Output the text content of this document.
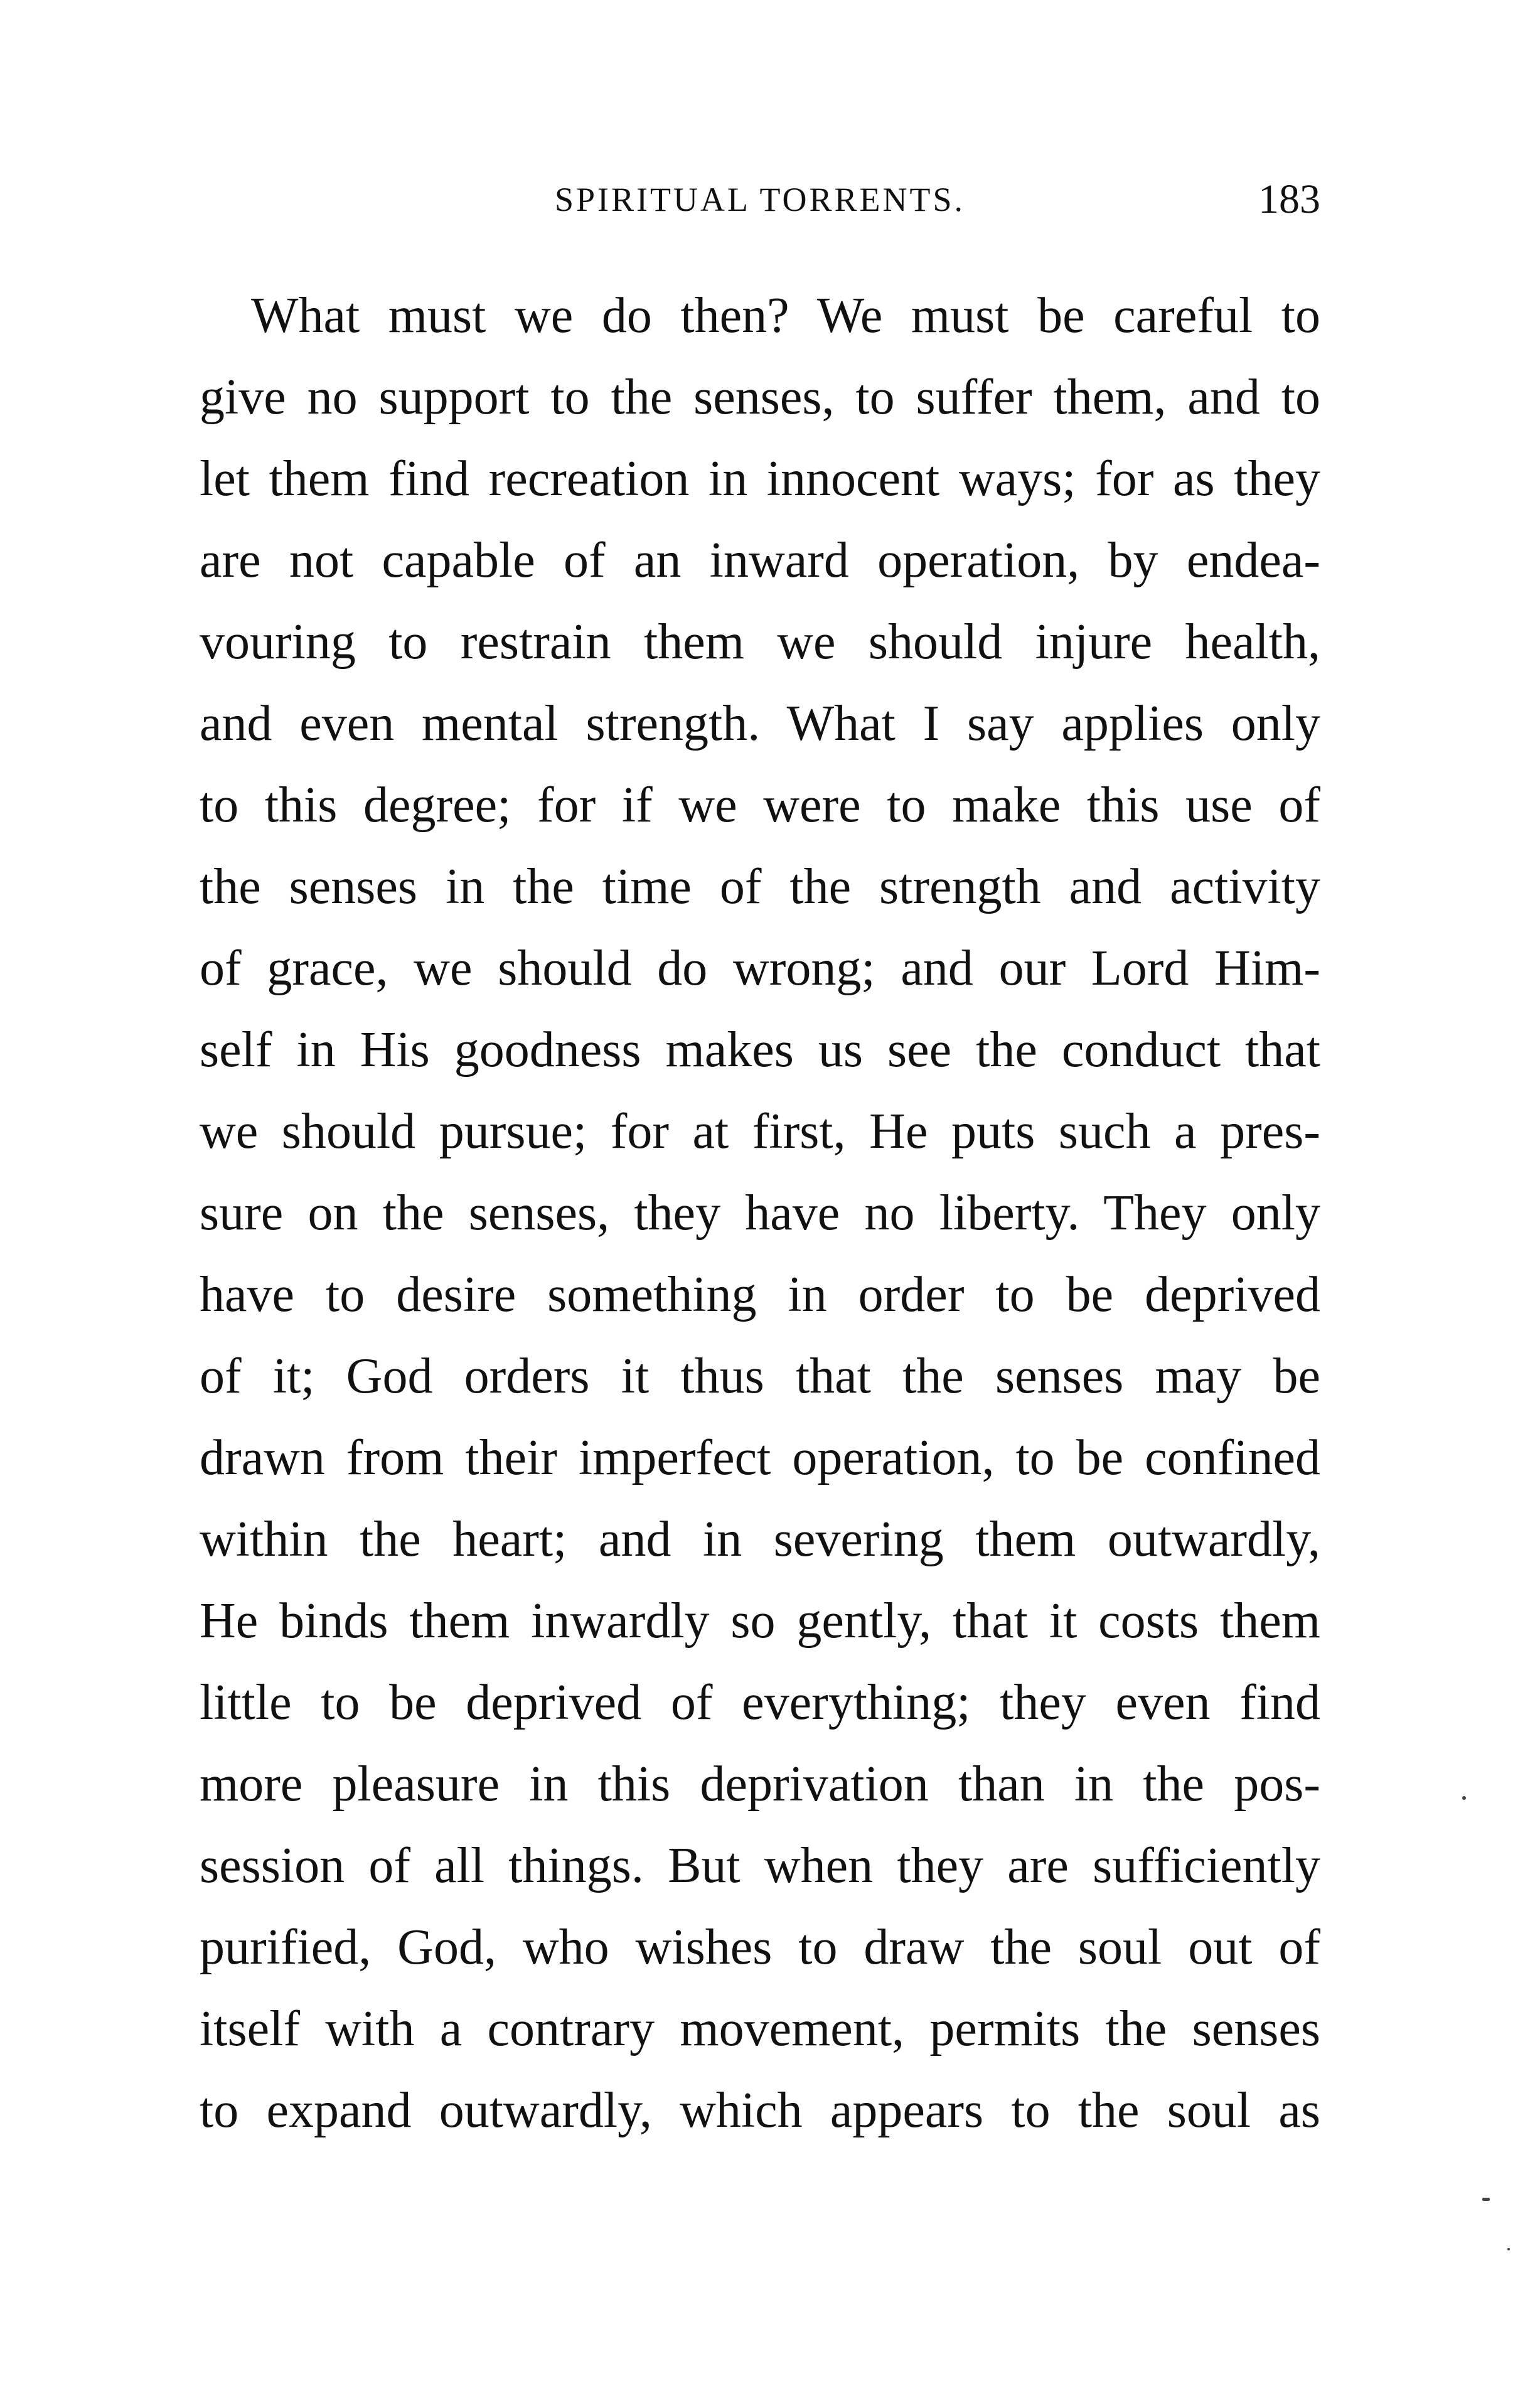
SPIRITUAL TORRENTS.	183
What must we do then? We must be careful to
give no support to the senses, to suffer them, and to
let them find recreation in innocent ways; for as they
are not capable of an inward operation, by endea-
vouring to restrain them we should injure health,
and even mental strength. What I say applies only
to this degree; for if we were to make this use of
the senses in the time of the strength and activity
of grace, we should do wrong; and our Lord Him-
self in His goodness makes us see the conduct that
we should pursue; for at first, He puts such a pres-
sure on the senses, they have no liberty. They only
have to desire something in order to be deprived
of it; God orders it thus that the senses may be
drawn from their imperfect operation, to be confined
within the heart; and in severing them outwardly,
He binds them inwardly so gently, that it costs them
little to be deprived of everything; they even find
more pleasure in this deprivation than in the pos-
session of all things. But when they are sufficiently
purified, God, who wishes to draw the soul out of
itself with a contrary movement, permits the senses
to expand outwardly, which appears to the soul as
